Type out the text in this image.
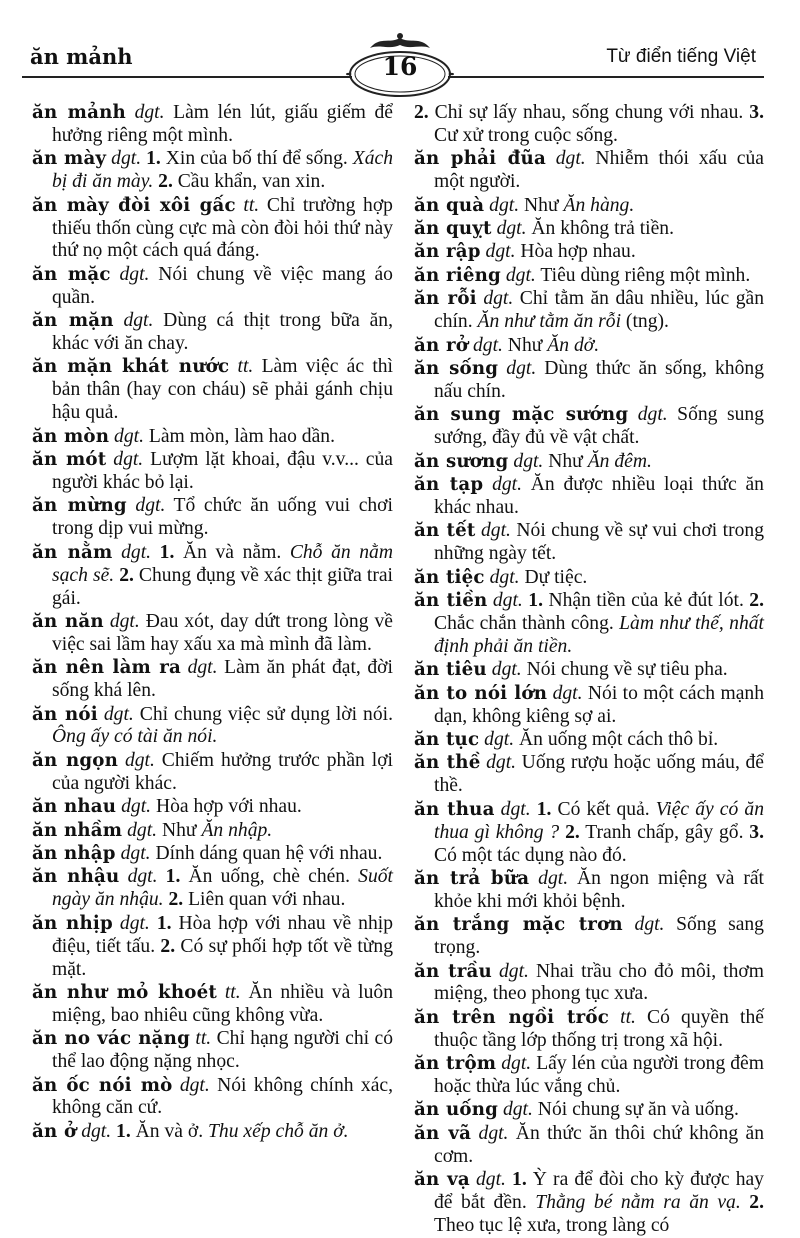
ăn mảnh	16	Từ điển tiếng Việt

ăn mảnh dgt. Làm lén lút, giấu giếm để hưởng riêng một mình.

ăn mày dgt. 1. Xin của bố thí để sống. Xách bị đi ăn mày. 2. Cầu khẩn, van xin.

ăn mày đòi xôi gấc tt. Chỉ trường hợp thiếu thốn cùng cực mà còn đòi hỏi thứ này thứ nọ một cách quá đáng.

ăn mặc dgt. Nói chung về việc mang áo quần.

ăn mặn dgt. Dùng cá thịt trong bữa ăn, khác với ăn chay.

ăn mặn khát nước tt. Làm việc ác thì bản thân (hay con cháu) sẽ phải gánh chịu hậu quả.

ăn mòn dgt. Làm mòn, làm hao dần.

ăn mót dgt. Lượm lặt khoai, đậu v.v... của người khác bỏ lại.

ăn mừng dgt. Tổ chức ăn uống vui chơi trong dịp vui mừng.

ăn nằm dgt. 1. Ăn và nằm. Chỗ ăn nằm sạch sẽ. 2. Chung đụng về xác thịt giữa trai gái.

ăn năn dgt. Đau xót, day dứt trong lòng về việc sai lầm hay xấu xa mà mình đã làm.

ăn nên làm ra dgt. Làm ăn phát đạt, đời sống khá lên.

ăn nói dgt. Chỉ chung việc sử dụng lời nói. Ông ấy có tài ăn nói.

ăn ngọn dgt. Chiếm hưởng trước phần lợi của người khác.

ăn nhau dgt. Hòa hợp với nhau.

ăn nhầm dgt. Như Ăn nhập.

ăn nhập dgt. Dính dáng quan hệ với nhau.

ăn nhậu dgt. 1. Ăn uống, chè chén. Suốt ngày ăn nhậu. 2. Liên quan với nhau.

ăn nhịp dgt. 1. Hòa hợp với nhau về nhịp điệu, tiết tấu. 2. Có sự phối hợp tốt về từng mặt.

ăn như mỏ khoét tt. Ăn nhiều và luôn miệng, bao nhiêu cũng không vừa.

ăn no vác nặng tt. Chỉ hạng người chỉ có thể lao động nặng nhọc.

ăn ốc nói mò dgt. Nói không chính xác, không căn cứ.

ăn ở dgt. 1. Ăn và ở. Thu xếp chỗ ăn ở.

2. Chỉ sự lấy nhau, sống chung với nhau. 3. Cư xử trong cuộc sống.

ăn phải đũa dgt. Nhiễm thói xấu của một người.

ăn quà dgt. Như Ăn hàng.

ăn quỵt dgt. Ăn không trả tiền.

ăn rập dgt. Hòa hợp nhau.

ăn riêng dgt. Tiêu dùng riêng một mình.

ăn rỗi dgt. Chỉ tằm ăn dâu nhiều, lúc gần chín. Ăn như tằm ăn rỗi (tng).

ăn rở dgt. Như Ăn dở.

ăn sống dgt. Dùng thức ăn sống, không nấu chín.

ăn sung mặc sướng dgt. Sống sung sướng, đầy đủ về vật chất.

ăn sương dgt. Như Ăn đêm.

ăn tạp dgt. Ăn được nhiều loại thức ăn khác nhau.

ăn tết dgt. Nói chung về sự vui chơi trong những ngày tết.

ăn tiệc dgt. Dự tiệc.

ăn tiền dgt. 1. Nhận tiền của kẻ đút lót. 2. Chắc chắn thành công. Làm như thế, nhất định phải ăn tiền.

ăn tiêu dgt. Nói chung về sự tiêu pha.

ăn to nói lớn dgt. Nói to một cách mạnh dạn, không kiêng sợ ai.

ăn tục dgt. Ăn uống một cách thô bỉ.

ăn thề dgt. Uống rượu hoặc uống máu, để thề.

ăn thua dgt. 1. Có kết quả. Việc ấy có ăn thua gì không ? 2. Tranh chấp, gây gổ. 3. Có một tác dụng nào đó.

ăn trả bữa dgt. Ăn ngon miệng và rất khỏe khi mới khỏi bệnh.

ăn trắng mặc trơn dgt. Sống sang trọng.

ăn trầu dgt. Nhai trầu cho đỏ môi, thơm miệng, theo phong tục xưa.

ăn trên ngồi trốc tt. Có quyền thế thuộc tầng lớp thống trị trong xã hội.

ăn trộm dgt. Lấy lén của người trong đêm hoặc thừa lúc vắng chủ.

ăn uống dgt. Nói chung sự ăn và uống.

ăn vã dgt. Ăn thức ăn thôi chứ không ăn cơm.

ăn vạ dgt. 1. Ỳ ra để đòi cho kỳ được hay để bắt đền. Thằng bé nằm ra ăn vạ. 2. Theo tục lệ xưa, trong làng có
